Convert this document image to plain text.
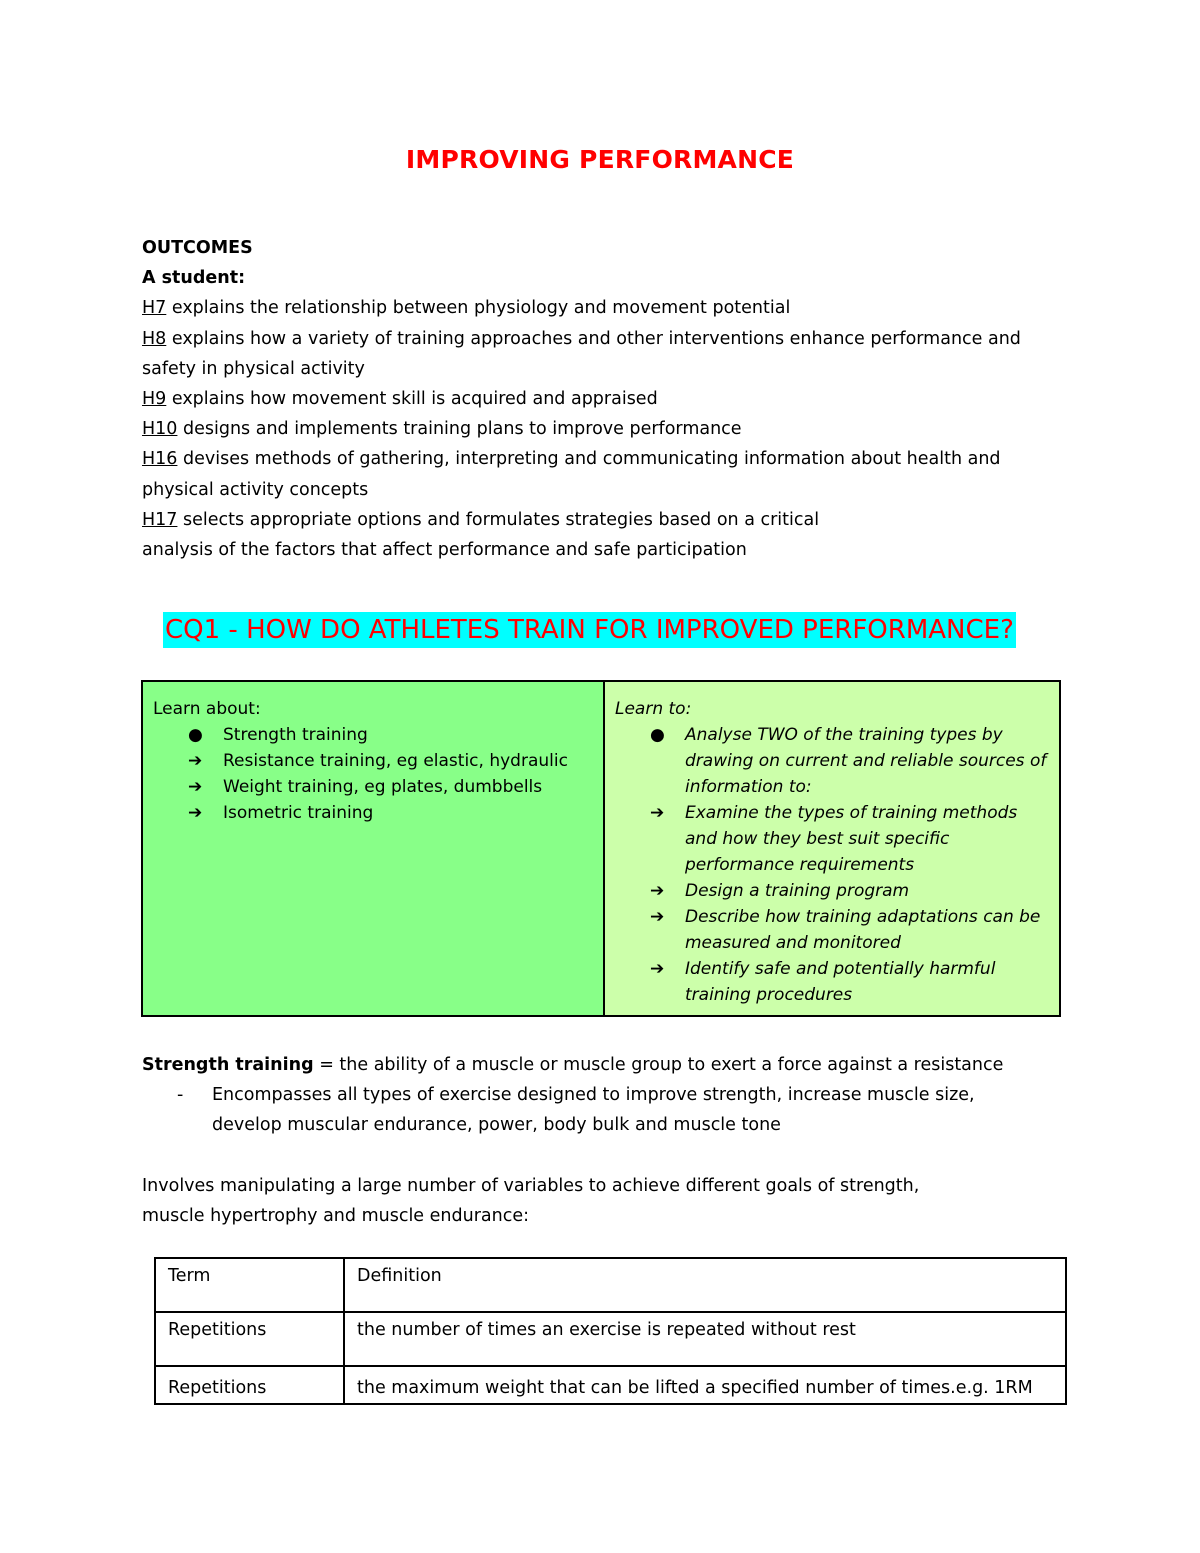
IMPROVING PERFORMANCE
OUTCOMES
A student:
H7 explains the relationship between physiology and movement potential
H8 explains how a variety of training approaches and other interventions enhance performance and safety in physical activity
H9 explains how movement skill is acquired and appraised
H10 designs and implements training plans to improve performance
H16 devises methods of gathering, interpreting and communicating information about health and physical activity concepts
H17 selects appropriate options and formulates strategies based on a critical
analysis of the factors that affect performance and safe participation
CQ1 - HOW DO ATHLETES TRAIN FOR IMPROVED PERFORMANCE?

Learn about:

● Strength training
➔ Resistance training, eg elastic, hydraulic
➔ Weight training, eg plates, dumbbells
➔ Isometric training

Learn to:

● Analyse TWO of the training types by drawing on current and reliable sources of information to:
➔ Examine the types of training methods and how they best suit specific performance requirements
➔ Design a training program
➔ Describe how training adaptations can be measured and monitored
➔ Identify safe and potentially harmful training procedures
Strength training = the ability of a muscle or muscle group to exert a force against a resistance
- Encompasses all types of exercise designed to improve strength, increase muscle size, develop muscular endurance, power, body bulk and muscle tone
Involves manipulating a large number of variables to achieve different goals of strength, muscle hypertrophy and muscle endurance:
Term	Definition
Repetitions	the number of times an exercise is repeated without rest
Repetitions	the maximum weight that can be lifted a specified number of times.e.g. 1RM
